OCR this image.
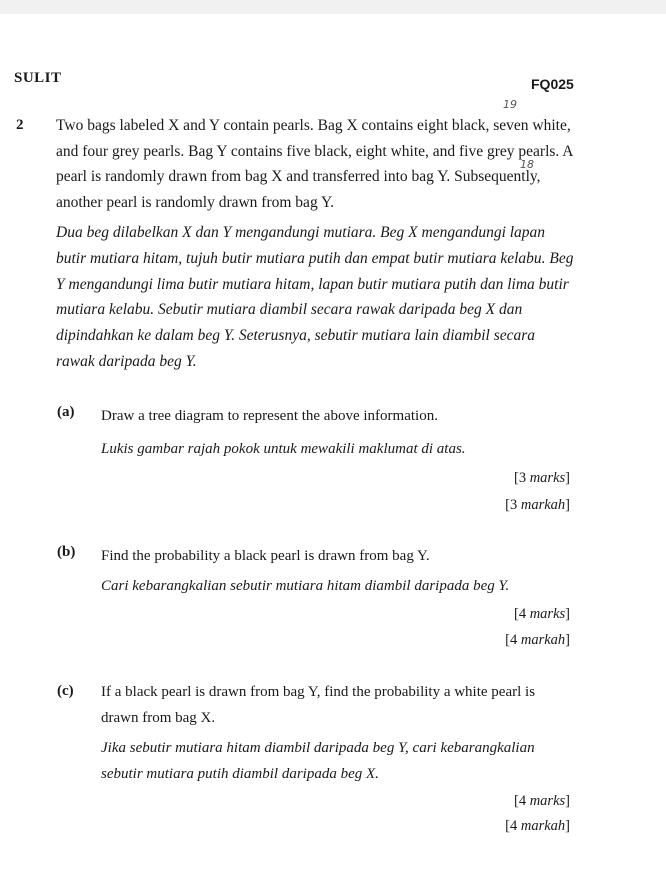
SULIT	FQ025
19
18
2 Two bags labeled X and Y contain pearls. Bag X contains eight black, seven white, and four grey pearls. Bag Y contains five black, eight white, and five grey pearls. A pearl is randomly drawn from bag X and transferred into bag Y. Subsequently, another pearl is randomly drawn from bag Y.
Dua beg dilabelkan X dan Y mengandungi mutiara. Beg X mengandungi lapan butir mutiara hitam, tujuh butir mutiara putih dan empat butir mutiara kelabu. Beg Y mengandungi lima butir mutiara hitam, lapan butir mutiara putih dan lima butir mutiara kelabu. Sebutir mutiara diambil secara rawak daripada beg X dan dipindahkan ke dalam beg Y. Seterusnya, sebutir mutiara lain diambil secara rawak daripada beg Y.
(a) Draw a tree diagram to represent the above information.
Lukis gambar rajah pokok untuk mewakili maklumat di atas.
[3 marks]
[3 markah]
(b) Find the probability a black pearl is drawn from bag Y.
Cari kebarangkalian sebutir mutiara hitam diambil daripada beg Y.
[4 marks]
[4 markah]
(c) If a black pearl is drawn from bag Y, find the probability a white pearl is drawn from bag X.
Jika sebutir mutiara hitam diambil daripada beg Y, cari kebarangkalian sebutir mutiara putih diambil daripada beg X.
[4 marks]
[4 markah]
